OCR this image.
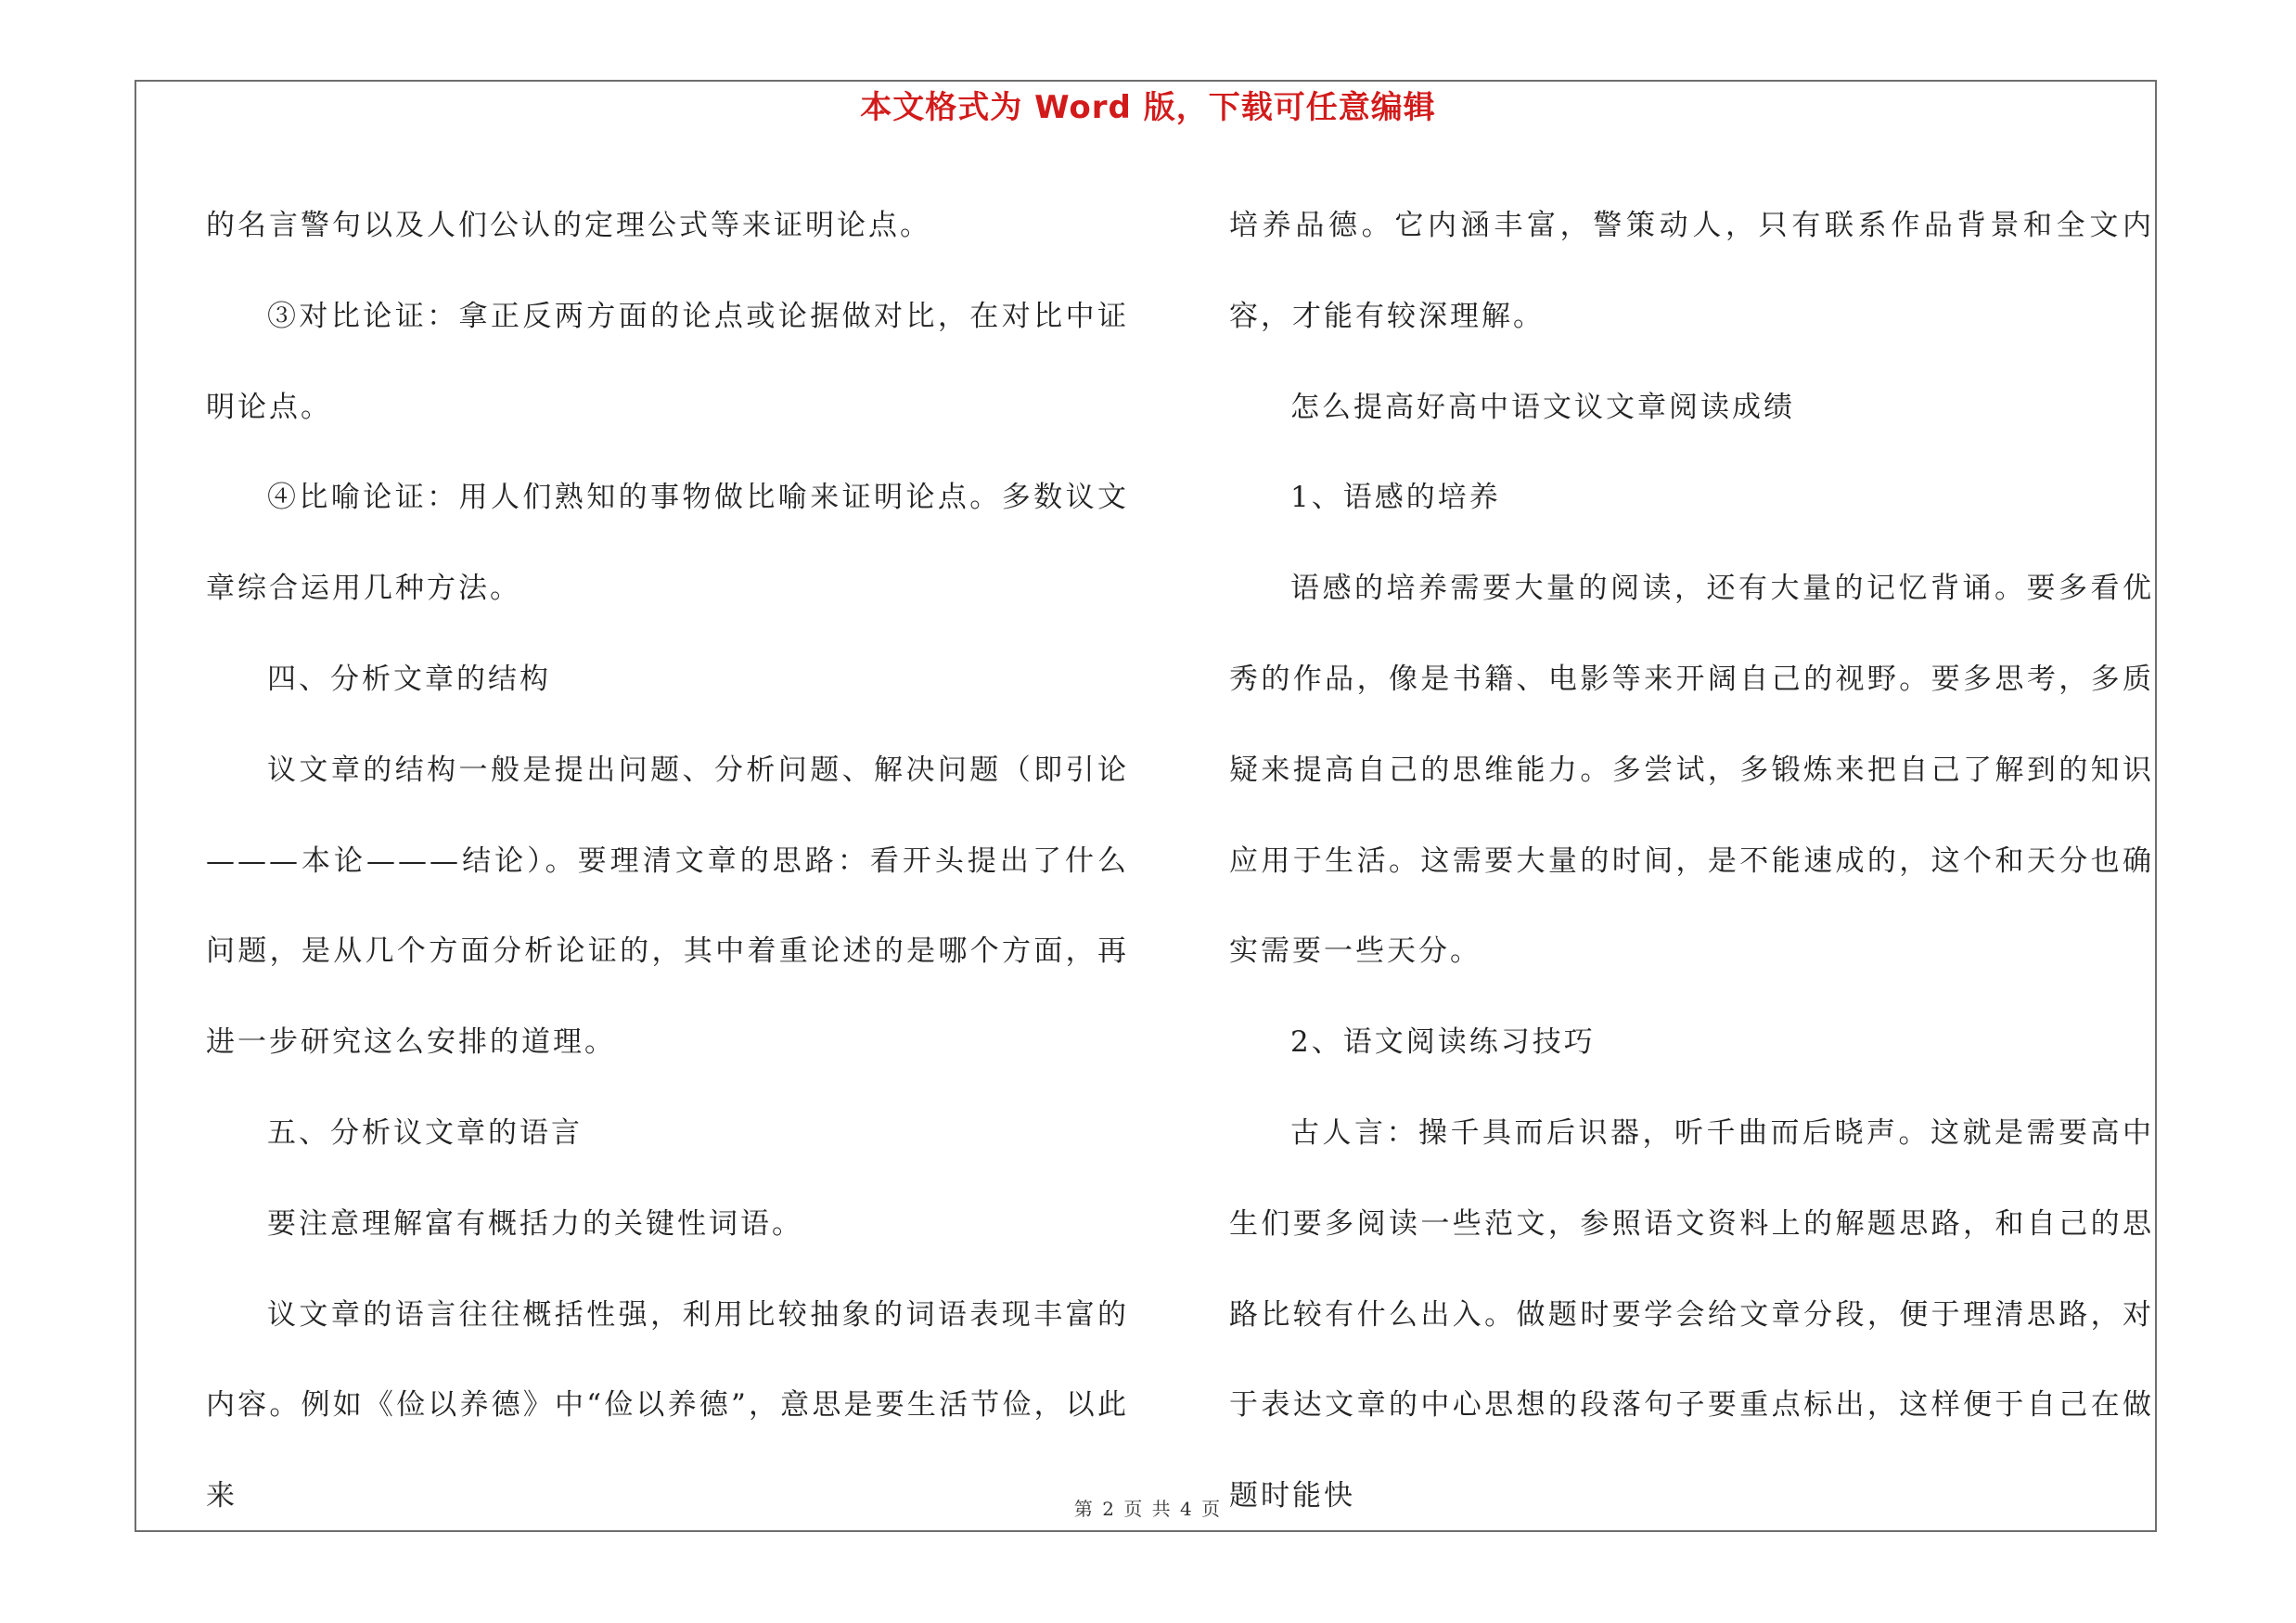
本文格式为 Word 版，下载可任意编辑

的名言警句以及人们公认的定理公式等来证明论点。

③对比论证：拿正反两方面的论点或论据做对比，在对比中证明论点。

④比喻论证：用人们熟知的事物做比喻来证明论点。多数议文章综合运用几种方法。

四、分析文章的结构

议文章的结构一般是提出问题、分析问题、解决问题（即引论———本论———结论）。要理清文章的思路：看开头提出了什么问题，是从几个方面分析论证的，其中着重论述的是哪个方面，再进一步研究这么安排的道理。

五、分析议文章的语言

要注意理解富有概括力的关键性词语。

议文章的语言往往概括性强，利用比较抽象的词语表现丰富的内容。例如《俭以养德》中“俭以养德”，意思是要生活节俭，以此来

培养品德。它内涵丰富，警策动人，只有联系作品背景和全文内容，才能有较深理解。

怎么提高好高中语文议文章阅读成绩

1、语感的培养

语感的培养需要大量的阅读，还有大量的记忆背诵。要多看优秀的作品，像是书籍、电影等来开阔自己的视野。要多思考，多质疑来提高自己的思维能力。多尝试，多锻炼来把自己了解到的知识应用于生活。这需要大量的时间，是不能速成的，这个和天分也确实需要一些天分。

2、语文阅读练习技巧

古人言：操千具而后识器，听千曲而后晓声。这就是需要高中生们要多阅读一些范文，参照语文资料上的解题思路，和自己的思路比较有什么出入。做题时要学会给文章分段，便于理清思路，对于表达文章的中心思想的段落句子要重点标出，这样便于自己在做题时能快

第 2 页 共 4 页
